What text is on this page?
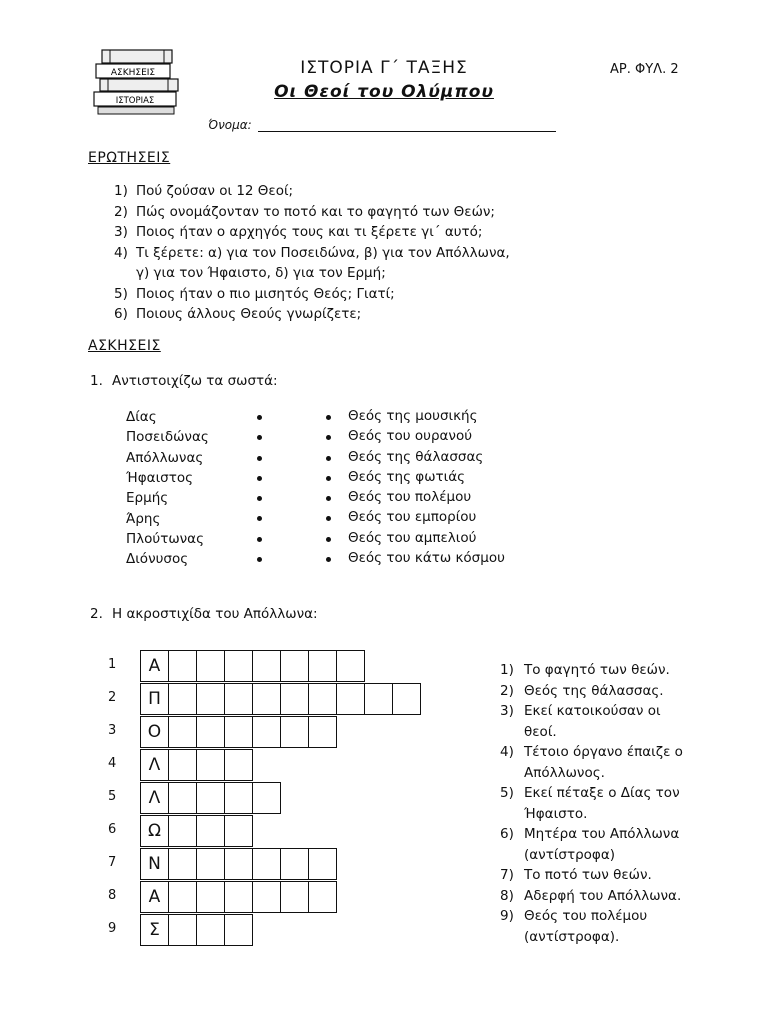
ΑΣΚΗΣΕΙΣ
ΙΣΤΟΡΙΑΣ
ΙΣΤΟΡΙΑ Γ΄ ΤΑΞΗΣ
Οι Θεοί του Ολύμπου
ΑΡ. ΦΥΛ. 2
Όνομα:
ΕΡΩΤΗΣΕΙΣ
1) Πού ζούσαν οι 12 Θεοί;
2) Πώς ονομάζονταν το ποτό και το φαγητό των Θεών;
3) Ποιος ήταν ο αρχηγός τους και τι ξέρετε γι΄ αυτό;
4) Τι ξέρετε: α) για τον Ποσειδώνα, β) για τον Απόλλωνα,
γ) για τον Ήφαιστο, δ) για τον Ερμή;
5) Ποιος ήταν ο πιο μισητός Θεός; Γιατί;
6) Ποιους άλλους Θεούς γνωρίζετε;
ΑΣΚΗΣΕΙΣ
1. Αντιστοιχίζω τα σωστά:
Δίας	Θεός της μουσικής
Ποσειδώνας	Θεός του ουρανού
Απόλλωνας	Θεός της θάλασσας
Ήφαιστος	Θεός της φωτιάς
Ερμής	Θεός του πολέμου
Άρης	Θεός του εμπορίου
Πλούτωνας	Θεός του αμπελιού
Διόνυσος	Θεός του κάτω κόσμου
2. Η ακροστιχίδα του Απόλλωνα:
1	Α
2	Π
3	Ο
4	Λ
5	Λ
6	Ω
7	Ν
8	Α
9	Σ
1) Το φαγητό των θεών.
2) Θεός της θάλασσας.
3) Εκεί κατοικούσαν οι
θεοί.
4) Τέτοιο όργανο έπαιζε ο
Απόλλωνος.
5) Εκεί πέταξε ο Δίας τον
Ήφαιστο.
6) Μητέρα του Απόλλωνα
(αντίστροφα)
7) Το ποτό των θεών.
8) Αδερφή του Απόλλωνα.
9) Θεός του πολέμου
(αντίστροφα).
